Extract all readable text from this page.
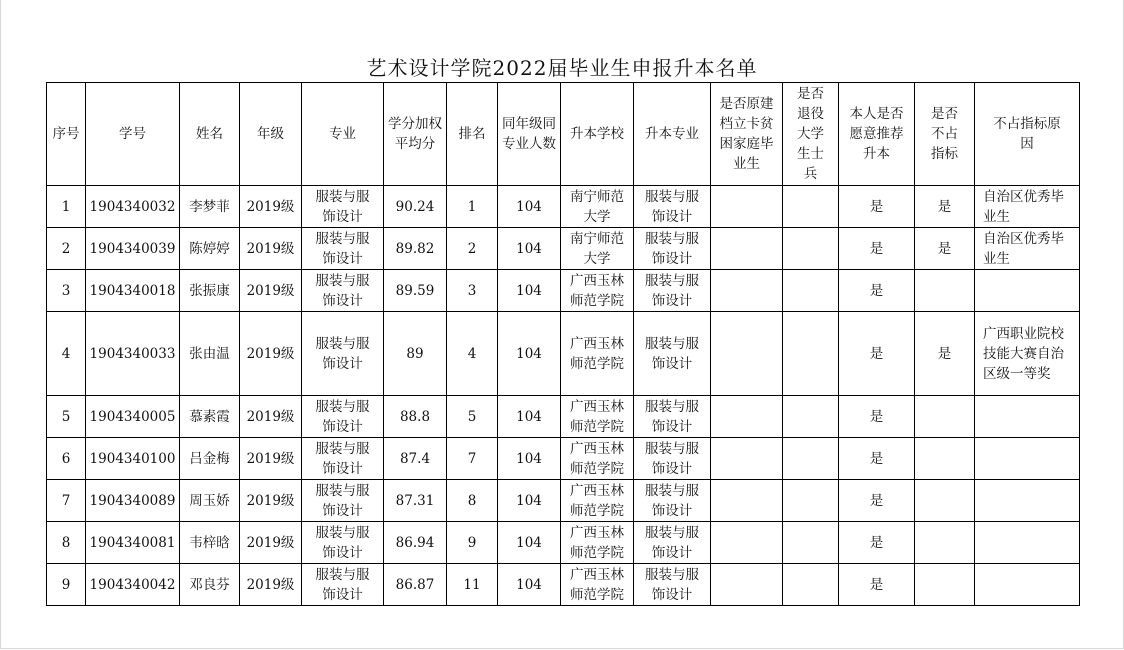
艺术设计学院2022届毕业生申报升本名单
序号	学号	姓名	年级	专业	学分加权平均分	排名	同年级同专业人数	升本学校	升本专业	是否原建档立卡贫困家庭毕业生	是否退役大学生士兵	本人是否愿意推荐升本	是否不占指标	不占指标原因

1	1904340032	李梦菲	2019级	服装与服饰设计	90.24	1	104	南宁师范大学	服装与服饰设计			是	是	自治区优秀毕业生
2	1904340039	陈婷婷	2019级	服装与服饰设计	89.82	2	104	南宁师范大学	服装与服饰设计			是	是	自治区优秀毕业生
3	1904340018	张振康	2019级	服装与服饰设计	89.59	3	104	广西玉林师范学院	服装与服饰设计			是		
4	1904340033	张由温	2019级	服装与服饰设计	89	4	104	广西玉林师范学院	服装与服饰设计			是	是	广西职业院校技能大赛自治区级一等奖
5	1904340005	慕素霞	2019级	服装与服饰设计	88.8	5	104	广西玉林师范学院	服装与服饰设计			是		
6	1904340100	吕金梅	2019级	服装与服饰设计	87.4	7	104	广西玉林师范学院	服装与服饰设计			是		
7	1904340089	周玉娇	2019级	服装与服饰设计	87.31	8	104	广西玉林师范学院	服装与服饰设计			是		
8	1904340081	韦梓晗	2019级	服装与服饰设计	86.94	9	104	广西玉林师范学院	服装与服饰设计			是		
9	1904340042	邓良芬	2019级	服装与服饰设计	86.87	11	104	广西玉林师范学院	服装与服饰设计			是		
